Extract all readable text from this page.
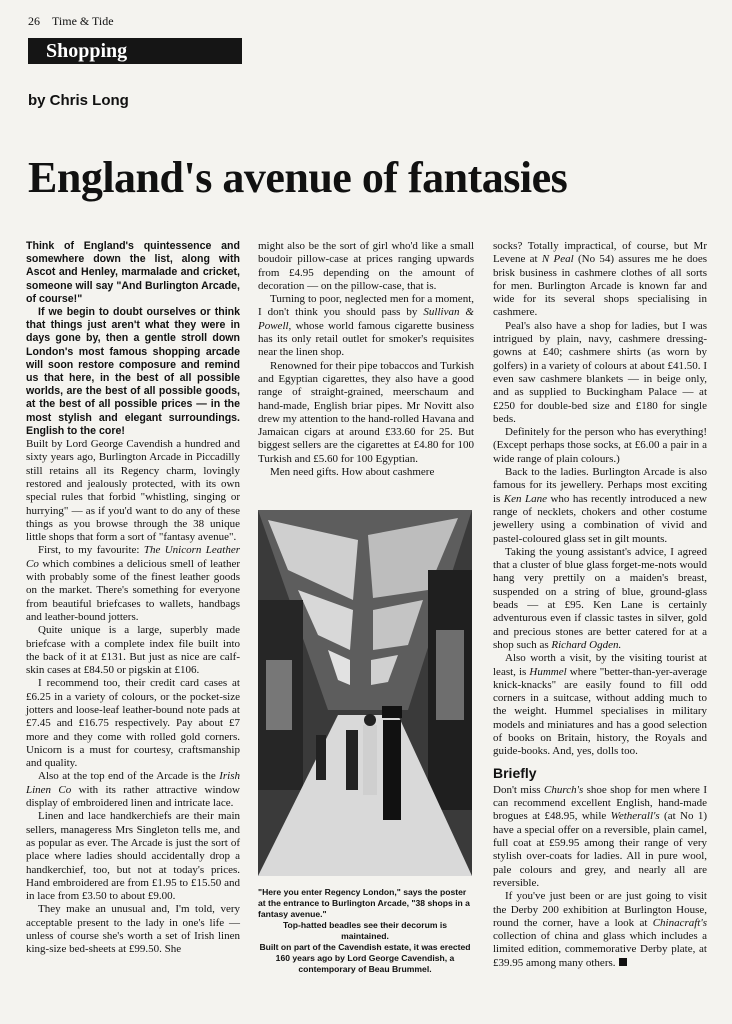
26 Time & Tide
Shopping
by Chris Long
England's avenue of fantasies

Think of England's quintessence and somewhere down the list, along with Ascot and Henley, marmalade and cricket, someone will say "And Burlington Arcade, of course!"

If we begin to doubt ourselves or think that things just aren't what they were in days gone by, then a gentle stroll down London's most famous shopping arcade will soon restore composure and remind us that here, in the best of all possible worlds, are the best of all possible goods, at the best of all possible prices — in the most stylish and elegant surroundings. English to the core!

Built by Lord George Cavendish a hundred and sixty years ago, Burlington Arcade in Piccadilly still retains all its Regency charm, lovingly restored and jealously protected, with its own special rules that forbid "whistling, singing or hurrying" — as if you'd want to do any of these things as you browse through the 38 unique little shops that form a sort of "fantasy avenue".

First, to my favourite: The Unicorn Leather Co which combines a delicious smell of leather with probably some of the finest leather goods on the market. There's something for everyone from beautiful briefcases to wallets, handbags and leather-bound jotters.

Quite unique is a large, superbly made briefcase with a complete index file built into the back of it at £131. But just as nice are calf-skin cases at £84.50 or pigskin at £106.

I recommend too, their credit card cases at £6.25 in a variety of colours, or the pocket-size jotters and loose-leaf leather-bound note pads at £7.45 and £16.75 respectively. Pay about £7 more and they come with rolled gold corners. Unicorn is a must for courtesy, craftsmanship and quality.

Also at the top end of the Arcade is the Irish Linen Co with its rather attractive window display of embroidered linen and intricate lace.

Linen and lace handkerchiefs are their main sellers, manageress Mrs Singleton tells me, and as popular as ever. The Arcade is just the sort of place where ladies should accidentally drop a handkerchief, too, but not at today's prices. Hand embroidered are from £1.95 to £15.50 and in lace from £3.50 to about £9.00.

They make an unusual and, I'm told, very acceptable present to the lady in one's life — unless of course she's worth a set of Irish linen king-size bed-sheets at £99.50. She

might also be the sort of girl who'd like a small boudoir pillow-case at prices ranging upwards from £4.95 depending on the amount of decoration — on the pillow-case, that is.

Turning to poor, neglected men for a moment, I don't think you should pass by Sullivan & Powell, whose world famous cigarette business has its only retail outlet for smoker's requisites near the linen shop.

Renowned for their pipe tobaccos and Turkish and Egyptian cigarettes, they also have a good range of straight-grained, meerschaum and hand-made, English briar pipes. Mr Novitt also drew my attention to the hand-rolled Havana and Jamaican cigars at around £33.60 for 25. But biggest sellers are the cigarettes at £4.80 for 100 Turkish and £5.60 for 100 Egyptian.

Men need gifts. How about cashmere

"Here you enter Regency London," says the poster at the entrance to Burlington Arcade, "38 shops in a fantasy avenue."

Top-hatted beadles see their decorum is maintained.

Built on part of the Cavendish estate, it was erected 160 years ago by Lord George Cavendish, a contemporary of Beau Brummel.

socks? Totally impractical, of course, but Mr Levene at N Peal (No 54) assures me he does brisk business in cashmere clothes of all sorts for men. Burlington Arcade is known far and wide for its several shops specialising in cashmere.

Peal's also have a shop for ladies, but I was intrigued by plain, navy, cashmere dressing-gowns at £40; cashmere shirts (as worn by golfers) in a variety of colours at about £41.50. I even saw cashmere blankets — in beige only, and as supplied to Buckingham Palace — at £250 for double-bed size and £180 for single beds.

Definitely for the person who has everything! (Except perhaps those socks, at £6.00 a pair in a wide range of plain colours.)

Back to the ladies. Burlington Arcade is also famous for its jewellery. Perhaps most exciting is Ken Lane who has recently introduced a new range of necklets, chokers and other costume jewellery using a combination of vivid and pastel-coloured glass set in gilt mounts.

Taking the young assistant's advice, I agreed that a cluster of blue glass forget-me-nots would hang very prettily on a maiden's breast, suspended on a string of blue, ground-glass beads — at £95. Ken Lane is certainly adventurous even if classic tastes in silver, gold and precious stones are better catered for at a shop such as Richard Ogden.

Also worth a visit, by the visiting tourist at least, is Hummel where "better-than-yer-average knick-knacks" are easily found to fill odd corners in a suitcase, without adding much to the weight. Hummel specialises in military models and miniatures and has a good selection of books on Britain, history, the Royals and guide-books. And, yes, dolls too.

Briefly

Don't miss Church's shoe shop for men where I can recommend excellent English, hand-made brogues at £48.95, while Wetherall's (at No 1) have a special offer on a reversible, plain camel, full coat at £59.95 among their range of very stylish over-coats for ladies. All in pure wool, pale colours and grey, and nearly all are reversible.

If you've just been or are just going to visit the Derby 200 exhibition at Burlington House, round the corner, have a look at Chinacraft's collection of china and glass which includes a limited edition, commemorative Derby plate, at £39.95 among many others.
